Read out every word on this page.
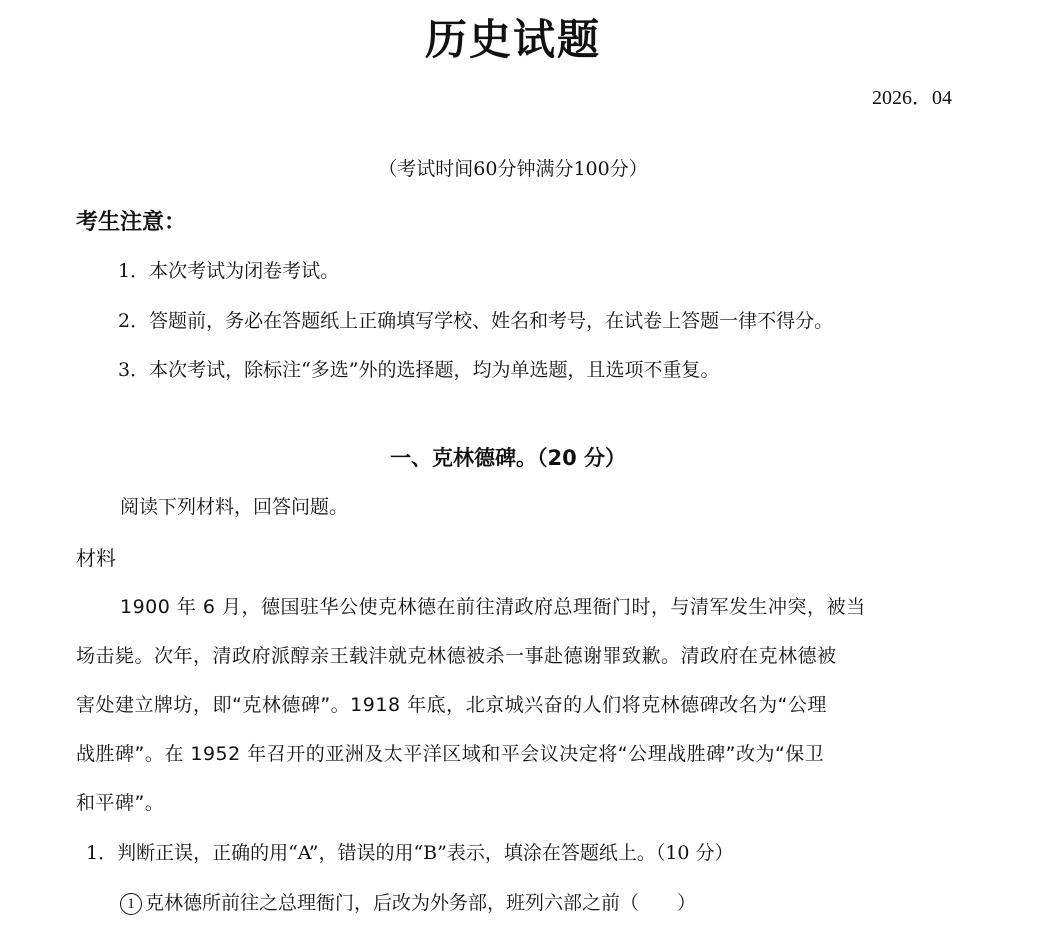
历史试题
2026．04
（考试时间60分钟满分100分）
考生注意：
1．本次考试为闭卷考试。
2．答题前，务必在答题纸上正确填写学校、姓名和考号，在试卷上答题一律不得分。
3．本次考试，除标注“多选”外的选择题，均为单选题，且选项不重复。
一、克林德碑。（20 分）
阅读下列材料，回答问题。
材料
1900 年 6 月，德国驻华公使克林德在前往清政府总理衙门时，与清军发生冲突，被当
场击毙。次年，清政府派醇亲王载沣就克林德被杀一事赴德谢罪致歉。清政府在克林德被
害处建立牌坊，即“克林德碑”。1918 年底，北京城兴奋的人们将克林德碑改名为“公理
战胜碑”。在 1952 年召开的亚洲及太平洋区域和平会议决定将“公理战胜碑”改为“保卫
和平碑”。
1．判断正误，正确的用“A”，错误的用“B”表示，填涂在答题纸上。（10 分）
1 克林德所前往之总理衙门，后改为外务部，班列六部之前（　　）
